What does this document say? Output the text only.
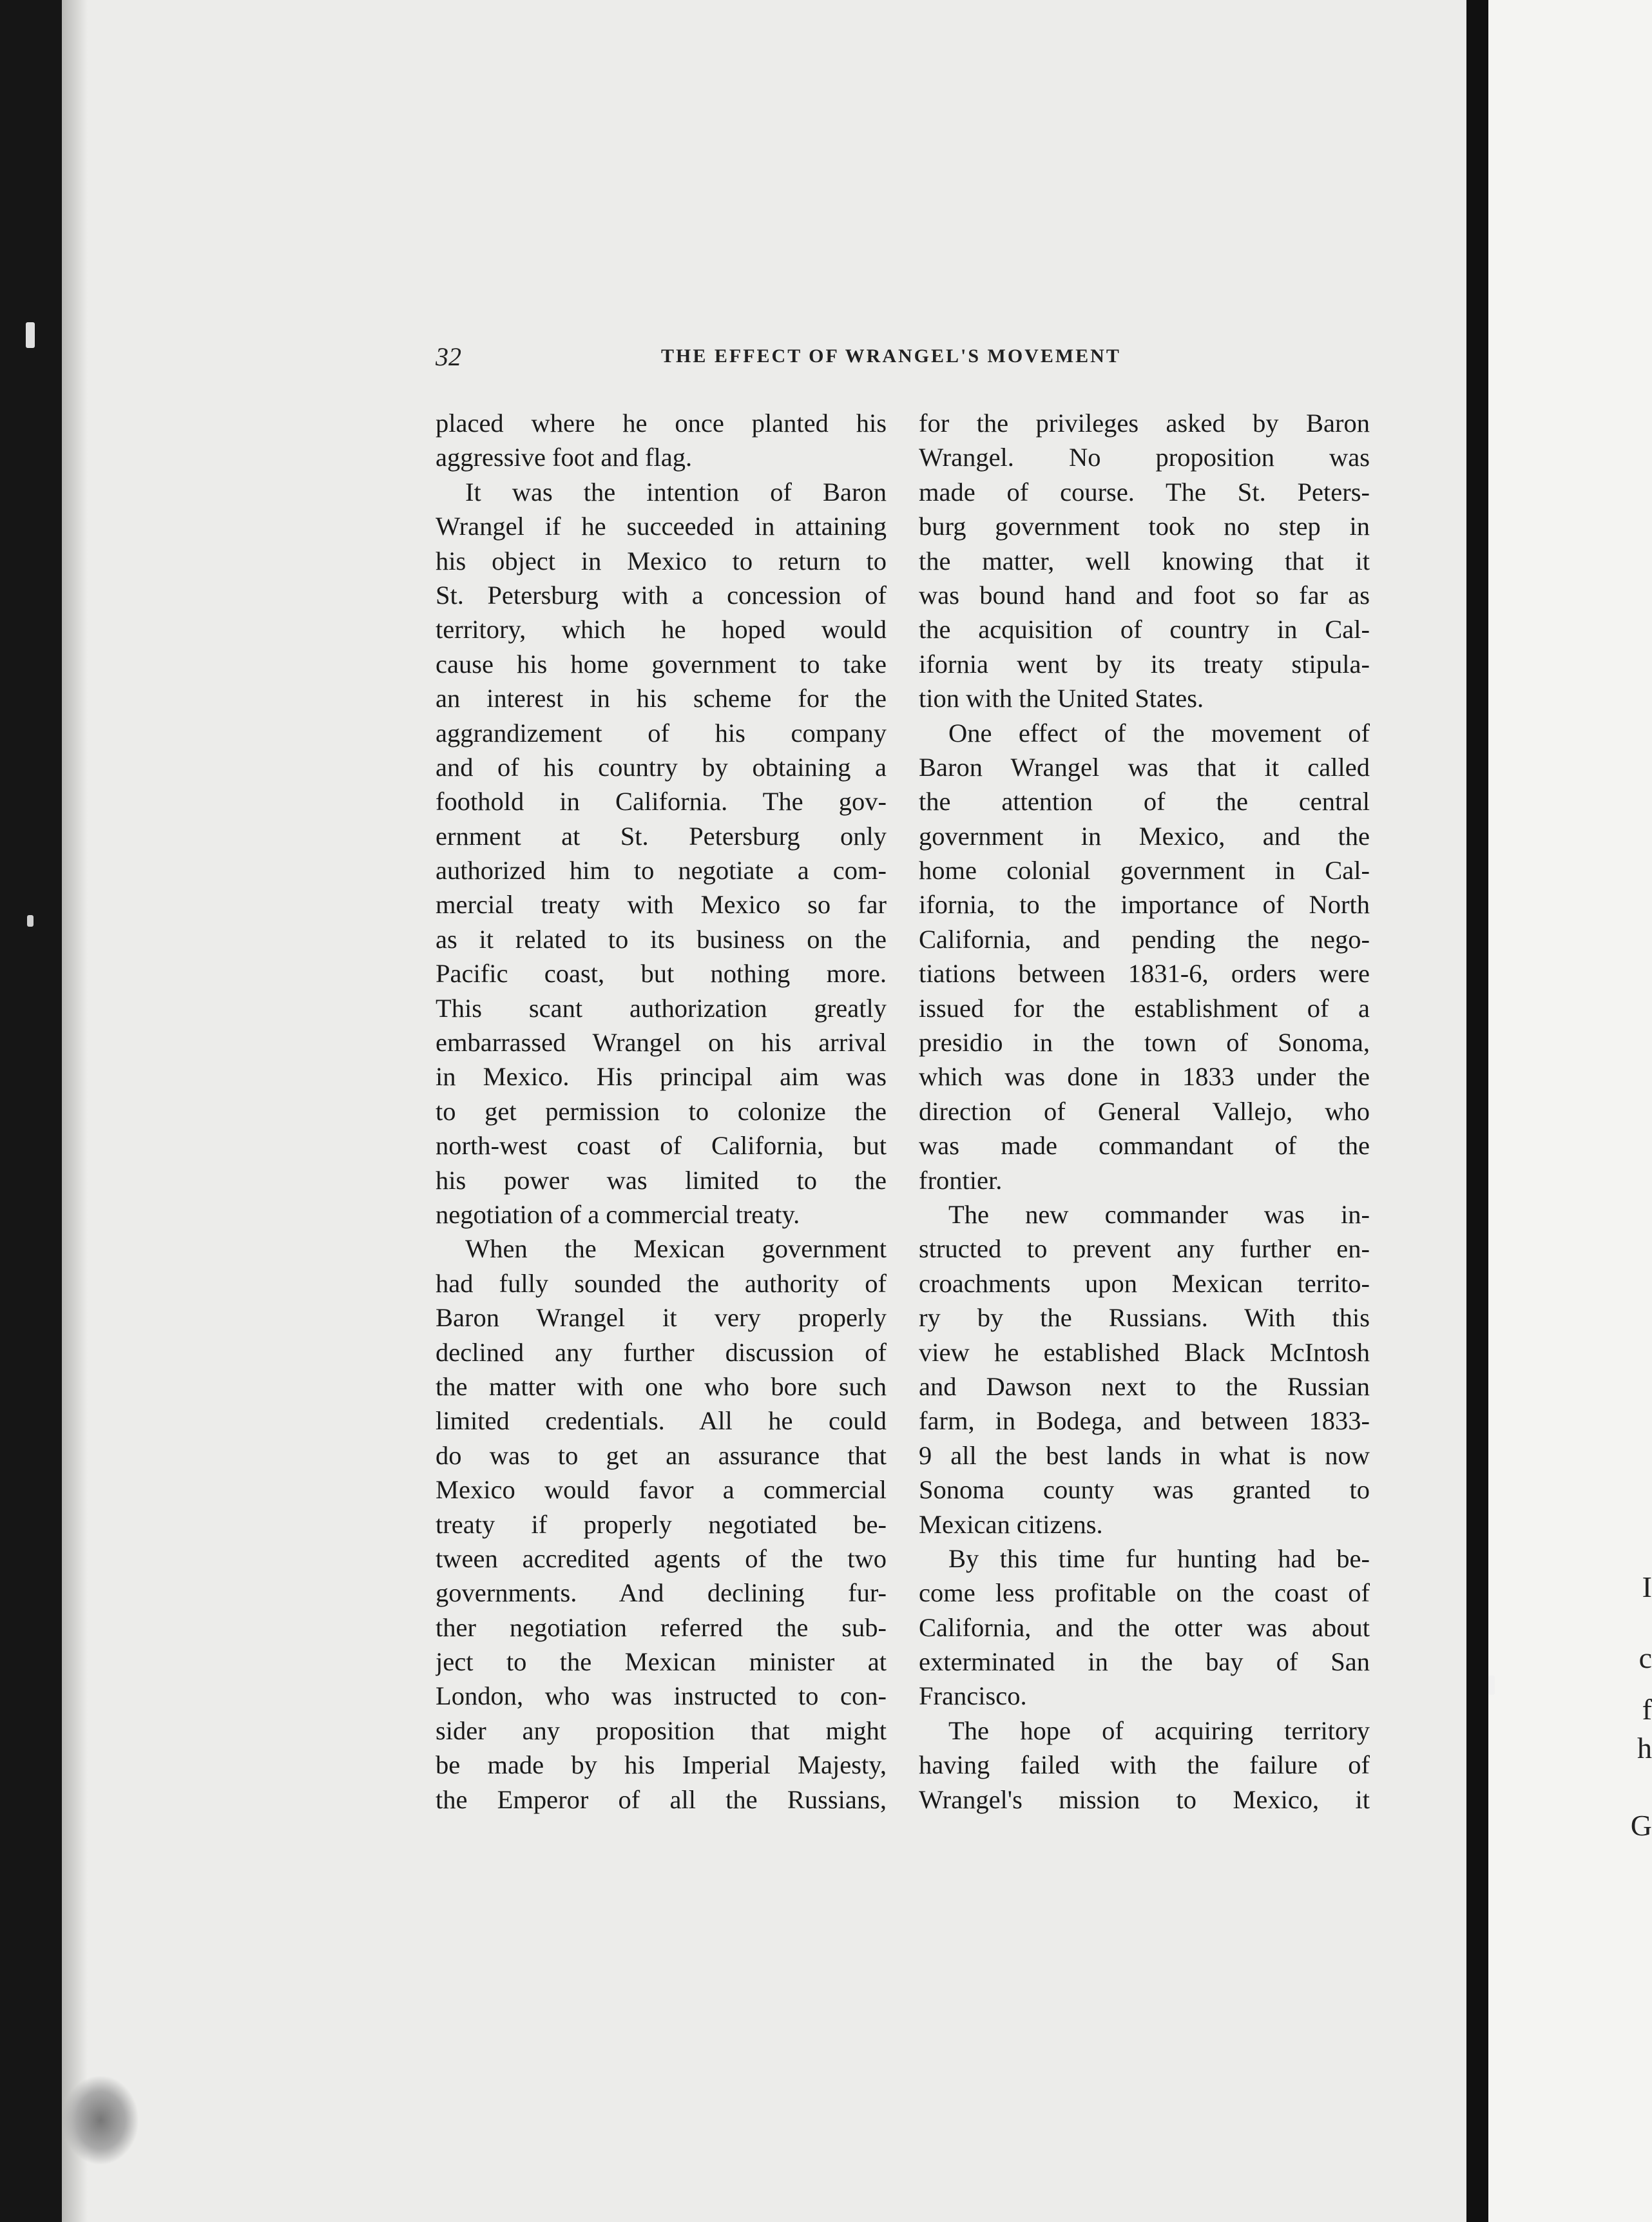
32	THE EFFECT OF WRANGEL'S MOVEMENT
placed where he once planted his
aggressive foot and flag.
It was the intention of Baron
Wrangel if he succeeded in attaining
his object in Mexico to return to
St. Petersburg with a concession of
territory, which he hoped would
cause his home government to take
an interest in his scheme for the
aggrandizement of his company
and of his country by obtaining a
foothold in California. The gov-
ernment at St. Petersburg only
authorized him to negotiate a com-
mercial treaty with Mexico so far
as it related to its business on the
Pacific coast, but nothing more.
This scant authorization greatly
embarrassed Wrangel on his arrival
in Mexico. His principal aim was
to get permission to colonize the
north-west coast of California, but
his power was limited to the
negotiation of a commercial treaty.
When the Mexican government
had fully sounded the authority of
Baron Wrangel it very properly
declined any further discussion of
the matter with one who bore such
limited credentials. All he could
do was to get an assurance that
Mexico would favor a commercial
treaty if properly negotiated be-
tween accredited agents of the two
governments. And declining fur-
ther negotiation referred the sub-
ject to the Mexican minister at
London, who was instructed to con-
sider any proposition that might
be made by his Imperial Majesty,
the Emperor of all the Russians,
for the privileges asked by Baron
Wrangel. No proposition was
made of course. The St. Peters-
burg government took no step in
the matter, well knowing that it
was bound hand and foot so far as
the acquisition of country in Cal-
ifornia went by its treaty stipula-
tion with the United States.
One effect of the movement of
Baron Wrangel was that it called
the attention of the central
government in Mexico, and the
home colonial government in Cal-
ifornia, to the importance of North
California, and pending the nego-
tiations between 1831-6, orders were
issued for the establishment of a
presidio in the town of Sonoma,
which was done in 1833 under the
direction of General Vallejo, who
was made commandant of the
frontier.
The new commander was in-
structed to prevent any further en-
croachments upon Mexican territo-
ry by the Russians. With this
view he established Black McIntosh
and Dawson next to the Russian
farm, in Bodega, and between 1833-
9 all the best lands in what is now
Sonoma county was granted to
Mexican citizens.
By this time fur hunting had be-
come less profitable on the coast of
California, and the otter was about
exterminated in the bay of San
Francisco.
The hope of acquiring territory
having failed with the failure of
Wrangel's mission to Mexico, it
I
c
f
h
G
